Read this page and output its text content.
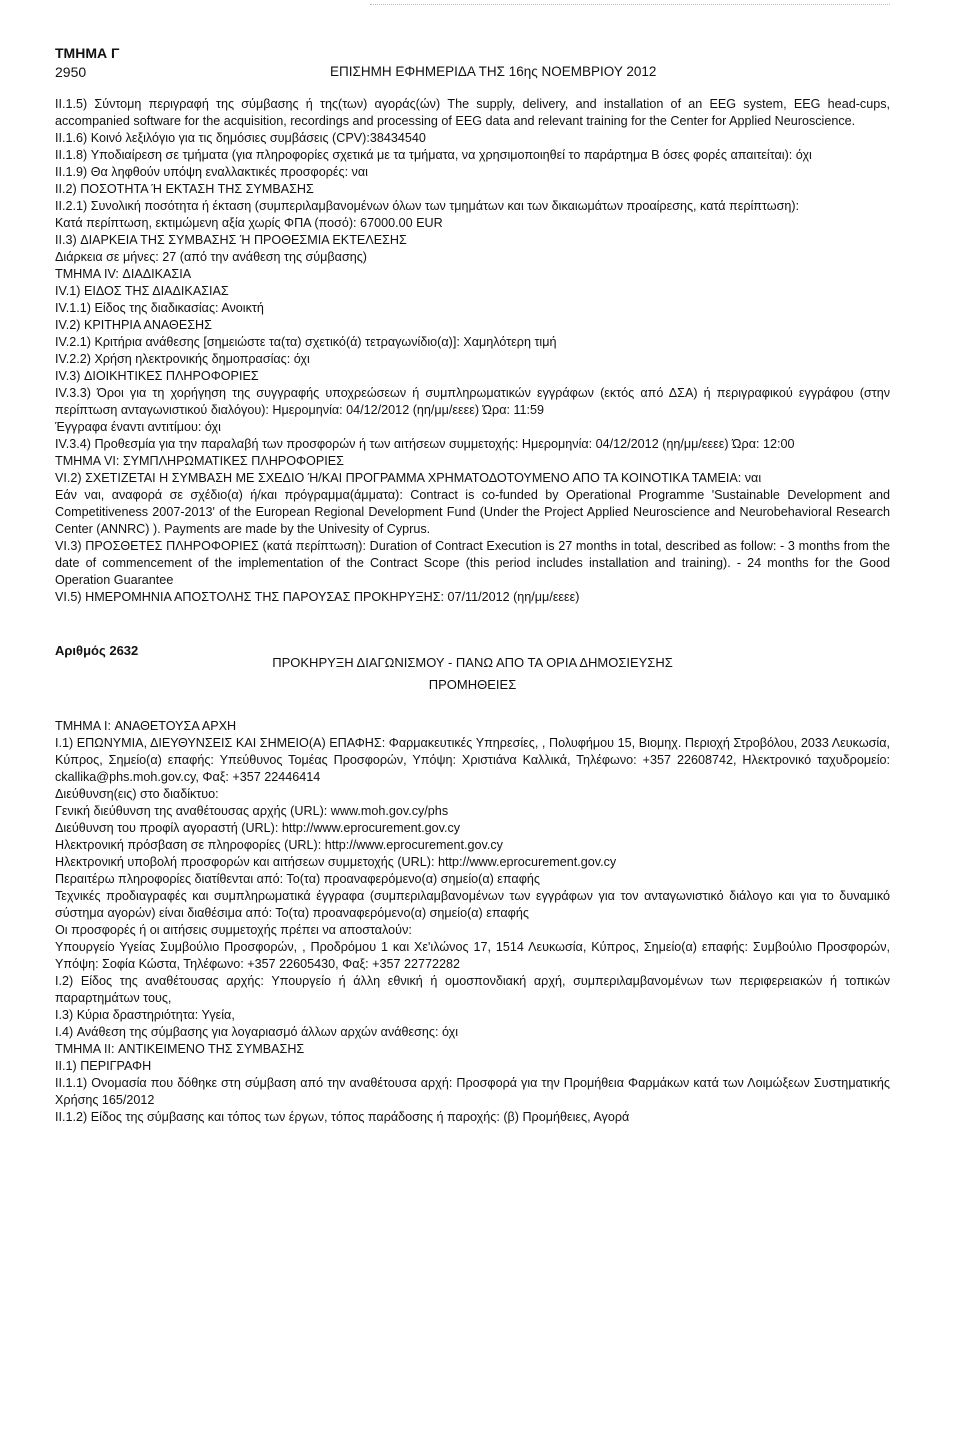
ΤΜΗΜΑ Γ
2950	ΕΠΙΣΗΜΗ ΕΦΗΜΕΡΙΔΑ ΤΗΣ 16ης ΝΟΕΜΒΡΙΟΥ 2012

II.1.5) Σύντομη περιγραφή της σύμβασης ή της(των) αγοράς(ών) The supply, delivery, and installation of an EEG system, EEG head-cups, accompanied software for the acquisition, recordings and processing of EEG data and relevant training for the Center for Applied Neuroscience.

II.1.6) Κοινό λεξιλόγιο για τις δημόσιες συμβάσεις (CPV):38434540

II.1.8) Υποδιαίρεση σε τμήματα (για πληροφορίες σχετικά με τα τμήματα, να χρησιμοποιηθεί το παράρτημα Β όσες φορές απαιτείται): όχι

II.1.9) Θα ληφθούν υπόψη εναλλακτικές προσφορές: ναι

II.2) ΠΟΣΟΤΗΤΑ Ή ΕΚΤΑΣΗ ΤΗΣ ΣΥΜΒΑΣΗΣ

II.2.1) Συνολική ποσότητα ή έκταση (συμπεριλαμβανομένων όλων των τμημάτων και των δικαιωμάτων προαίρεσης, κατά περίπτωση):

Κατά περίπτωση, εκτιμώμενη αξία χωρίς ΦΠΑ (ποσό): 67000.00 EUR

II.3) ΔΙΑΡΚΕΙΑ ΤΗΣ ΣΥΜΒΑΣΗΣ Ή ΠΡΟΘΕΣΜΙΑ ΕΚΤΕΛΕΣΗΣ

Διάρκεια σε μήνες: 27 (από την ανάθεση της σύμβασης)

ΤΜΗΜΑ IV: ΔΙΑΔΙΚΑΣΙΑ

IV.1) ΕΙΔΟΣ ΤΗΣ ΔΙΑΔΙΚΑΣΙΑΣ

IV.1.1) Είδος της διαδικασίας: Ανοικτή

IV.2) ΚΡΙΤΗΡΙΑ ΑΝΑΘΕΣΗΣ

IV.2.1) Κριτήρια ανάθεσης [σημειώστε τα(τα) σχετικό(ά) τετραγωνίδιο(α)]: Χαμηλότερη τιμή

IV.2.2) Χρήση ηλεκτρονικής δημοπρασίας: όχι

IV.3) ΔΙΟΙΚΗΤΙΚΕΣ ΠΛΗΡΟΦΟΡΙΕΣ

IV.3.3) Όροι για τη χορήγηση της συγγραφής υποχρεώσεων ή συμπληρωματικών εγγράφων (εκτός από ΔΣΑ) ή περιγραφικού εγγράφου (στην περίπτωση ανταγωνιστικού διαλόγου): Ημερομηνία: 04/12/2012 (ηη/μμ/εεεε) Ώρα: 11:59

Έγγραφα έναντι αντιτίμου: όχι

IV.3.4) Προθεσμία για την παραλαβή των προσφορών ή των αιτήσεων συμμετοχής: Ημερομηνία: 04/12/2012 (ηη/μμ/εεεε) Ώρα: 12:00

ΤΜΗΜΑ VI: ΣΥΜΠΛΗΡΩΜΑΤΙΚΕΣ ΠΛΗΡΟΦΟΡΙΕΣ

VI.2) ΣΧΕΤΙΖΕΤΑΙ Η ΣΥΜΒΑΣΗ ΜΕ ΣΧΕΔΙΟ Ή/ΚΑΙ ΠΡΟΓΡΑΜΜΑ ΧΡΗΜΑΤΟΔΟΤΟΥΜΕΝΟ ΑΠΟ ΤΑ ΚΟΙΝΟΤΙΚΑ ΤΑΜΕΙΑ: ναι

Εάν ναι, αναφορά σε σχέδιο(α) ή/και πρόγραμμα(άμματα): Contract is co-funded by Operational Programme 'Sustainable Development and Competitiveness 2007-2013' of the European Regional Development Fund (Under the Project Applied Neuroscience and Neurobehavioral Research Center (ANNRC) ). Payments are made by the Univesity of Cyprus.

VI.3) ΠΡΟΣΘΕΤΕΣ ΠΛΗΡΟΦΟΡΙΕΣ (κατά περίπτωση): Duration of Contract Execution is 27 months in total, described as follow: - 3 months from the date of commencement of the implementation of the Contract Scope (this period includes installation and training). - 24 months for the Good Operation Guarantee

VI.5) ΗΜΕΡΟΜΗΝΙΑ ΑΠΟΣΤΟΛΗΣ ΤΗΣ ΠΑΡΟΥΣΑΣ ΠΡΟΚΗΡΥΞΗΣ: 07/11/2012 (ηη/μμ/εεεε)

Αριθμός 2632
ΠΡΟΚΗΡΥΞΗ ΔΙΑΓΩΝΙΣΜΟΥ - ΠΑΝΩ ΑΠΟ ΤΑ ΟΡΙΑ ΔΗΜΟΣΙΕΥΣΗΣ
ΠΡΟΜΗΘΕΙΕΣ

ΤΜΗΜΑ I: ΑΝΑΘΕΤΟΥΣΑ ΑΡΧΗ

I.1) ΕΠΩΝΥΜΙΑ, ΔΙΕΥΘΥΝΣΕΙΣ ΚΑΙ ΣΗΜΕΙΟ(Α) ΕΠΑΦΗΣ: Φαρμακευτικές Υπηρεσίες, , Πολυφήμου 15, Βιομηχ. Περιοχή Στροβόλου, 2033 Λευκωσία, Κύπρος, Σημείο(α) επαφής: Υπεύθυνος Τομέας Προσφορών, Υπόψη: Χριστιάνα Καλλικά, Τηλέφωνο: +357 22608742, Ηλεκτρονικό ταχυδρομείο: ckallika@phs.moh.gov.cy, Φαξ: +357 22446414

Διεύθυνση(εις) στο διαδίκτυο:

Γενική διεύθυνση της αναθέτουσας αρχής (URL): www.moh.gov.cy/phs

Διεύθυνση του προφίλ αγοραστή (URL): http://www.eprocurement.gov.cy

Ηλεκτρονική πρόσβαση σε πληροφορίες (URL): http://www.eprocurement.gov.cy

Ηλεκτρονική υποβολή προσφορών και αιτήσεων συμμετοχής (URL): http://www.eprocurement.gov.cy

Περαιτέρω πληροφορίες διατίθενται από: Το(τα) προαναφερόμενο(α) σημείο(α) επαφής

Τεχνικές προδιαγραφές και συμπληρωματικά έγγραφα (συμπεριλαμβανομένων των εγγράφων για τον ανταγωνιστικό διάλογο και για το δυναμικό σύστημα αγορών) είναι διαθέσιμα από: Το(τα) προαναφερόμενο(α) σημείο(α) επαφής

Οι προσφορές ή οι αιτήσεις συμμετοχής πρέπει να αποσταλούν:

Υπουργείο Υγείας Συμβούλιο Προσφορών, , Προδρόμου 1 και Χε'ιλώνος 17, 1514 Λευκωσία, Κύπρος, Σημείο(α) επαφής: Συμβούλιο Προσφορών, Υπόψη: Σοφία Κώστα, Τηλέφωνο: +357 22605430, Φαξ: +357 22772282

I.2) Είδος της αναθέτουσας αρχής: Υπουργείο ή άλλη εθνική ή ομοσπονδιακή αρχή, συμπεριλαμβανομένων των περιφερειακών ή τοπικών παραρτημάτων τους,

I.3) Κύρια δραστηριότητα: Υγεία,

I.4) Ανάθεση της σύμβασης για λογαριασμό άλλων αρχών ανάθεσης: όχι

ΤΜΗΜΑ II: ΑΝΤΙΚΕΙΜΕΝΟ ΤΗΣ ΣΥΜΒΑΣΗΣ

II.1) ΠΕΡΙΓΡΑΦΗ

II.1.1) Ονομασία που δόθηκε στη σύμβαση από την αναθέτουσα αρχή: Προσφορά για την Προμήθεια Φαρμάκων κατά των Λοιμώξεων Συστηματικής Χρήσης 165/2012

II.1.2) Είδος της σύμβασης και τόπος των έργων, τόπος παράδοσης ή παροχής: (β) Προμήθειες, Αγορά
